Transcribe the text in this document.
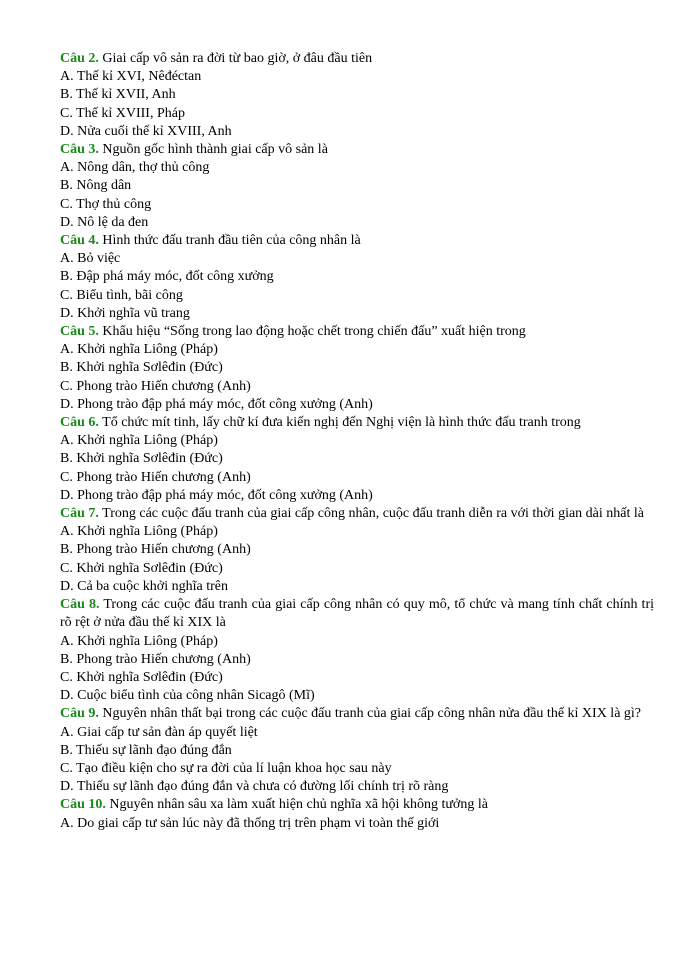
Câu 2. Giai cấp vô sản ra đời từ bao giờ, ở đâu đầu tiên
A. Thế kỉ XVI, Nêđéctan
B. Thế kỉ XVII, Anh
C. Thế kỉ XVIII, Pháp
D. Nửa cuối thế kỉ XVIII, Anh
Câu 3. Nguồn gốc hình thành giai cấp vô sản là
A. Nông dân, thợ thủ công
B. Nông dân
C. Thợ thủ công
D. Nô lệ da đen
Câu 4. Hình thức đấu tranh đầu tiên của công nhân là
A. Bỏ việc
B. Đập phá máy móc, đốt công xưởng
C. Biểu tình, bãi công
D. Khởi nghĩa vũ trang
Câu 5. Khẩu hiệu “Sống trong lao động hoặc chết trong chiến đấu” xuất hiện trong
A. Khởi nghĩa Liông (Pháp)
B. Khởi nghĩa Sơlêđin (Đức)
C. Phong trào Hiến chương (Anh)
D. Phong trào đập phá máy móc, đốt công xưởng (Anh)
Câu 6. Tổ chức mít tinh, lấy chữ kí đưa kiến nghị đến Nghị viện là hình thức đấu tranh trong
A. Khởi nghĩa Liông (Pháp)
B. Khởi nghĩa Sơlêđin (Đức)
C. Phong trào Hiến chương (Anh)
D. Phong trào đập phá máy móc, đốt công xưởng (Anh)
Câu 7. Trong các cuộc đấu tranh của giai cấp công nhân, cuộc đấu tranh diễn ra với thời gian dài nhất là
A. Khởi nghĩa Liông (Pháp)
B. Phong trào Hiến chương (Anh)
C. Khởi nghĩa Sơlêđin (Đức)
D. Cả ba cuộc khởi nghĩa trên
Câu 8. Trong các cuộc đấu tranh của giai cấp công nhân có quy mô, tổ chức và mang tính chất chính trị rõ rệt ở nửa đầu thế kỉ XIX là
A. Khởi nghĩa Liông (Pháp)
B. Phong trào Hiến chương (Anh)
C. Khởi nghĩa Sơlêđin (Đức)
D. Cuộc biểu tình của công nhân Sicagô (Mĩ)
Câu 9. Nguyên nhân thất bại trong các cuộc đấu tranh của giai cấp công nhân nửa đầu thế kỉ XIX là gì?
A. Giai cấp tư sản đàn áp quyết liệt
B. Thiếu sự lãnh đạo đúng đắn
C. Tạo điều kiện cho sự ra đời của lí luận khoa học sau này
D. Thiếu sự lãnh đạo đúng đắn và chưa có đường lối chính trị rõ ràng
Câu 10. Nguyên nhân sâu xa làm xuất hiện chủ nghĩa xã hội không tưởng là
A. Do giai cấp tư sản lúc này đã thống trị trên phạm vi toàn thế giới
